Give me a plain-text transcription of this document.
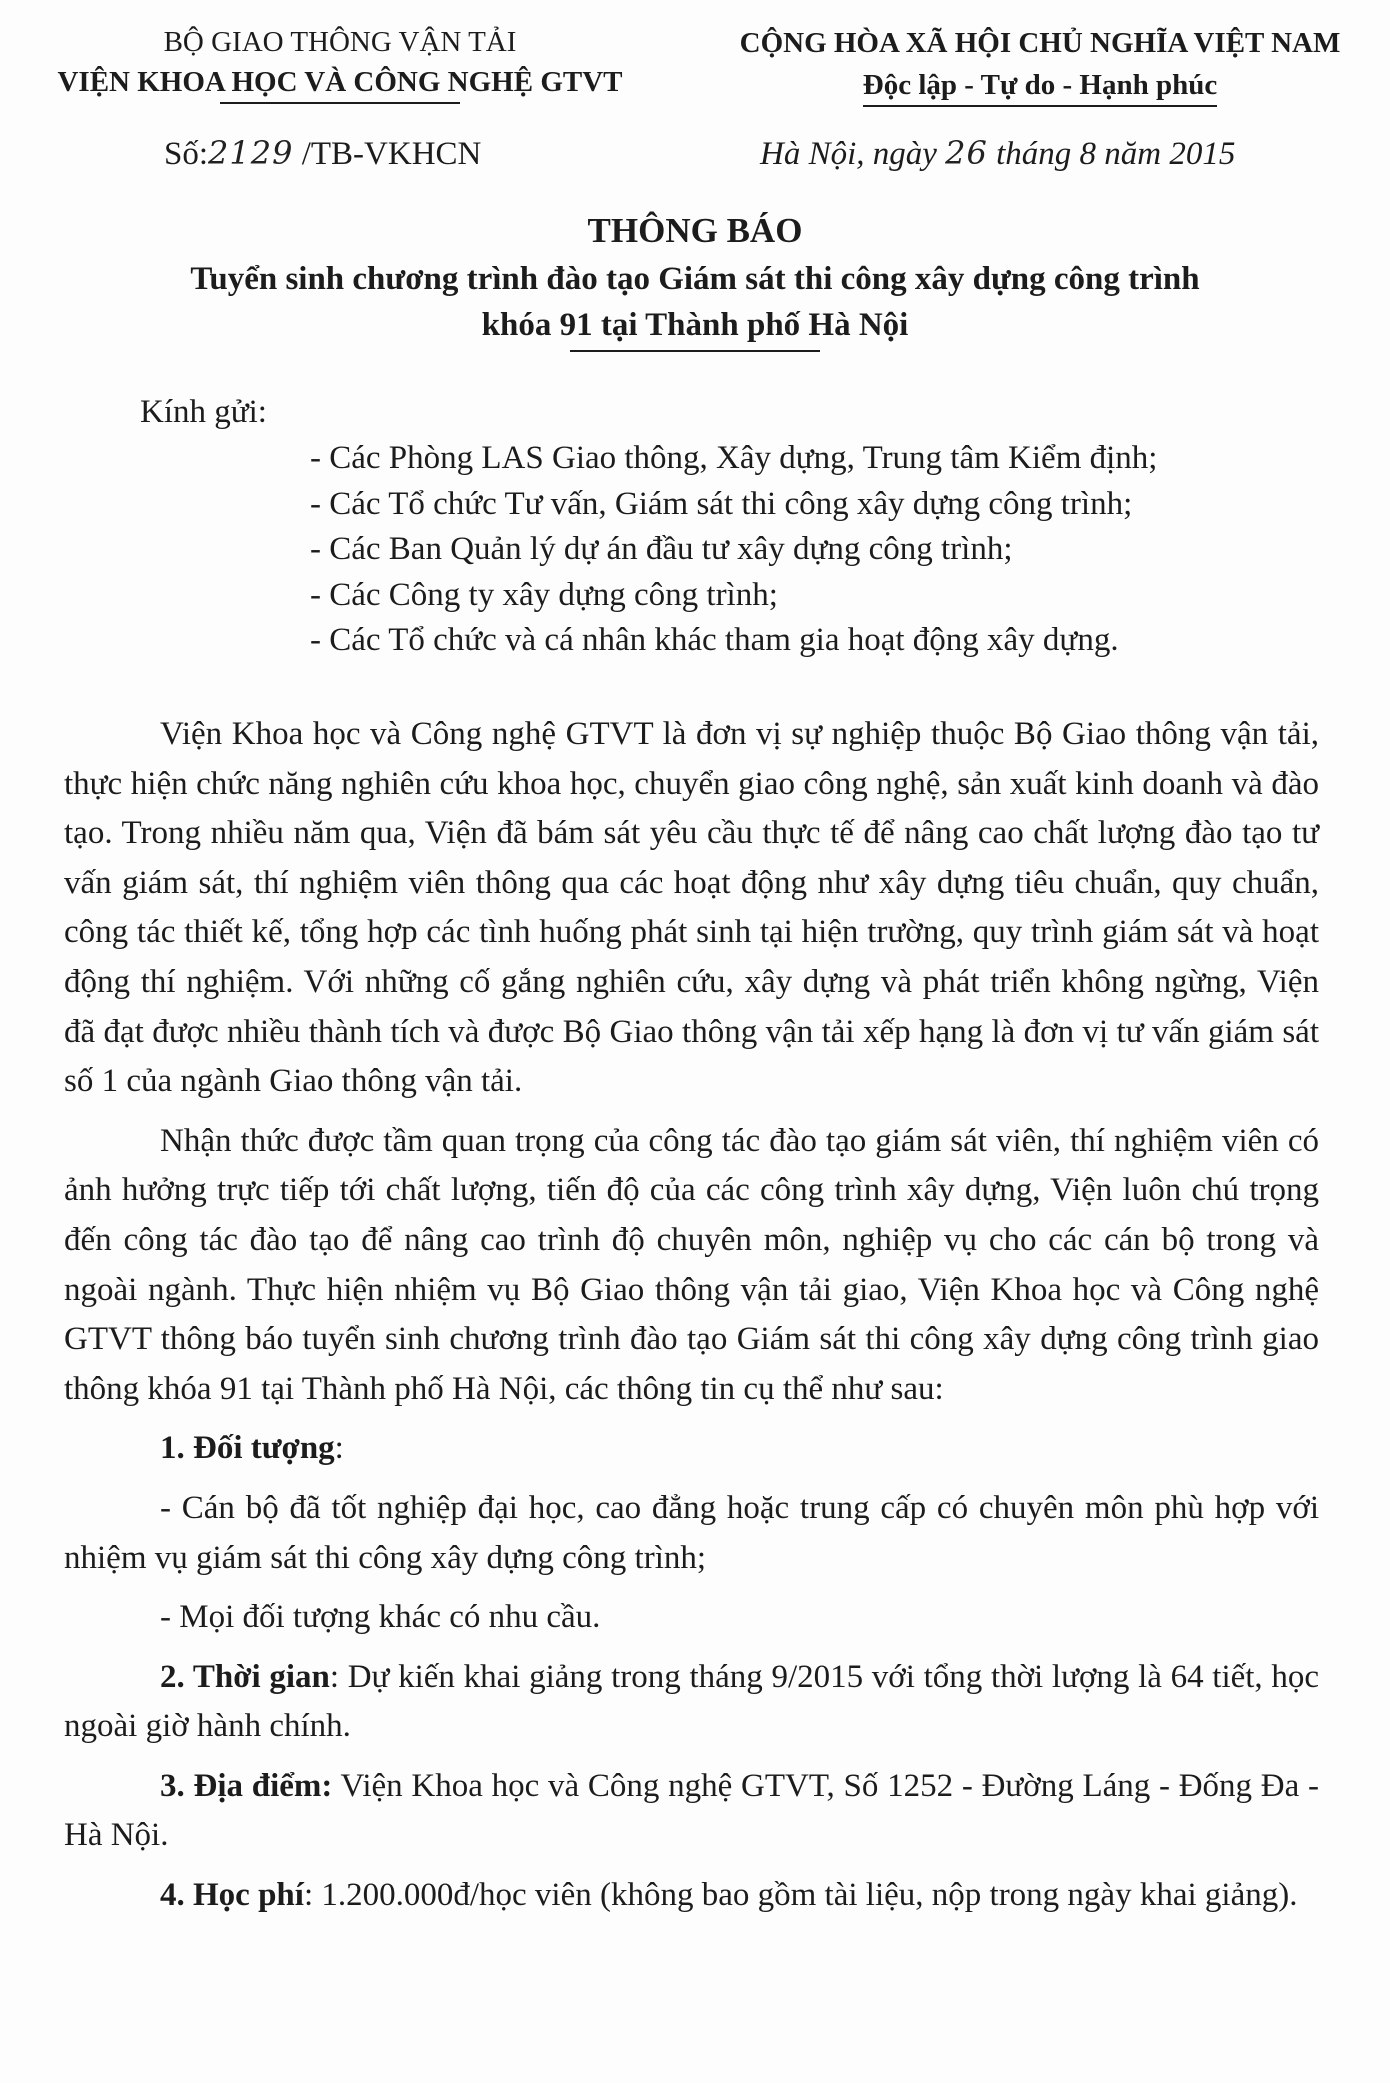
BỘ GIAO THÔNG VẬN TẢI
VIỆN KHOA HỌC VÀ CÔNG NGHỆ GTVT
CỘNG HÒA XÃ HỘI CHỦ NGHĨA VIỆT NAM
Độc lập - Tự do - Hạnh phúc
Số:2129 /TB-VKHCN	Hà Nội, ngày 26 tháng 8 năm 2015
THÔNG BÁO
Tuyển sinh chương trình đào tạo Giám sát thi công xây dựng công trình
khóa 91 tại Thành phố Hà Nội
Kính gửi:
- Các Phòng LAS Giao thông, Xây dựng, Trung tâm Kiểm định;
- Các Tổ chức Tư vấn, Giám sát thi công xây dựng công trình;
- Các Ban Quản lý dự án đầu tư xây dựng công trình;
- Các Công ty xây dựng công trình;
- Các Tổ chức và cá nhân khác tham gia hoạt động xây dựng.

Viện Khoa học và Công nghệ GTVT là đơn vị sự nghiệp thuộc Bộ Giao thông vận tải, thực hiện chức năng nghiên cứu khoa học, chuyển giao công nghệ, sản xuất kinh doanh và đào tạo. Trong nhiều năm qua, Viện đã bám sát yêu cầu thực tế để nâng cao chất lượng đào tạo tư vấn giám sát, thí nghiệm viên thông qua các hoạt động như xây dựng tiêu chuẩn, quy chuẩn, công tác thiết kế, tổng hợp các tình huống phát sinh tại hiện trường, quy trình giám sát và hoạt động thí nghiệm. Với những cố gắng nghiên cứu, xây dựng và phát triển không ngừng, Viện đã đạt được nhiều thành tích và được Bộ Giao thông vận tải xếp hạng là đơn vị tư vấn giám sát số 1 của ngành Giao thông vận tải.

Nhận thức được tầm quan trọng của công tác đào tạo giám sát viên, thí nghiệm viên có ảnh hưởng trực tiếp tới chất lượng, tiến độ của các công trình xây dựng, Viện luôn chú trọng đến công tác đào tạo để nâng cao trình độ chuyên môn, nghiệp vụ cho các cán bộ trong và ngoài ngành. Thực hiện nhiệm vụ Bộ Giao thông vận tải giao, Viện Khoa học và Công nghệ GTVT thông báo tuyển sinh chương trình đào tạo Giám sát thi công xây dựng công trình giao thông khóa 91 tại Thành phố Hà Nội, các thông tin cụ thể như sau:

1. Đối tượng:

- Cán bộ đã tốt nghiệp đại học, cao đẳng hoặc trung cấp có chuyên môn phù hợp với nhiệm vụ giám sát thi công xây dựng công trình;

- Mọi đối tượng khác có nhu cầu.

2. Thời gian: Dự kiến khai giảng trong tháng 9/2015 với tổng thời lượng là 64 tiết, học ngoài giờ hành chính.

3. Địa điểm: Viện Khoa học và Công nghệ GTVT, Số 1252 - Đường Láng - Đống Đa - Hà Nội.

4. Học phí: 1.200.000đ/học viên (không bao gồm tài liệu, nộp trong ngày khai giảng).
